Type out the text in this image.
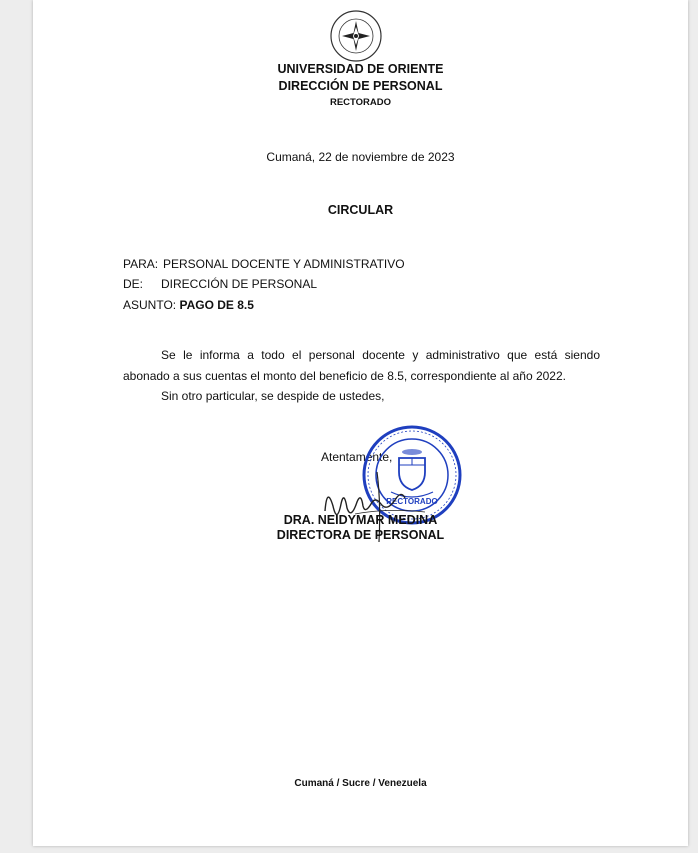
UNIVERSIDAD DE ORIENTE
DIRECCIÓN DE PERSONAL
RECTORADO
Cumaná, 22 de noviembre de 2023
CIRCULAR
PARA: PERSONAL DOCENTE Y ADMINISTRATIVO
DE: DIRECCIÓN DE PERSONAL
ASUNTO: PAGO DE 8.5
Se le informa a todo el personal docente y administrativo que está siendo abonado a sus cuentas el monto del beneficio de 8.5, correspondiente al año 2022.
Sin otro particular, se despide de ustedes,
Atentamente,
RECTORADO
DRA. NEIDYMAR MEDINA
DIRECTORA DE PERSONAL
Cumaná / Sucre / Venezuela
